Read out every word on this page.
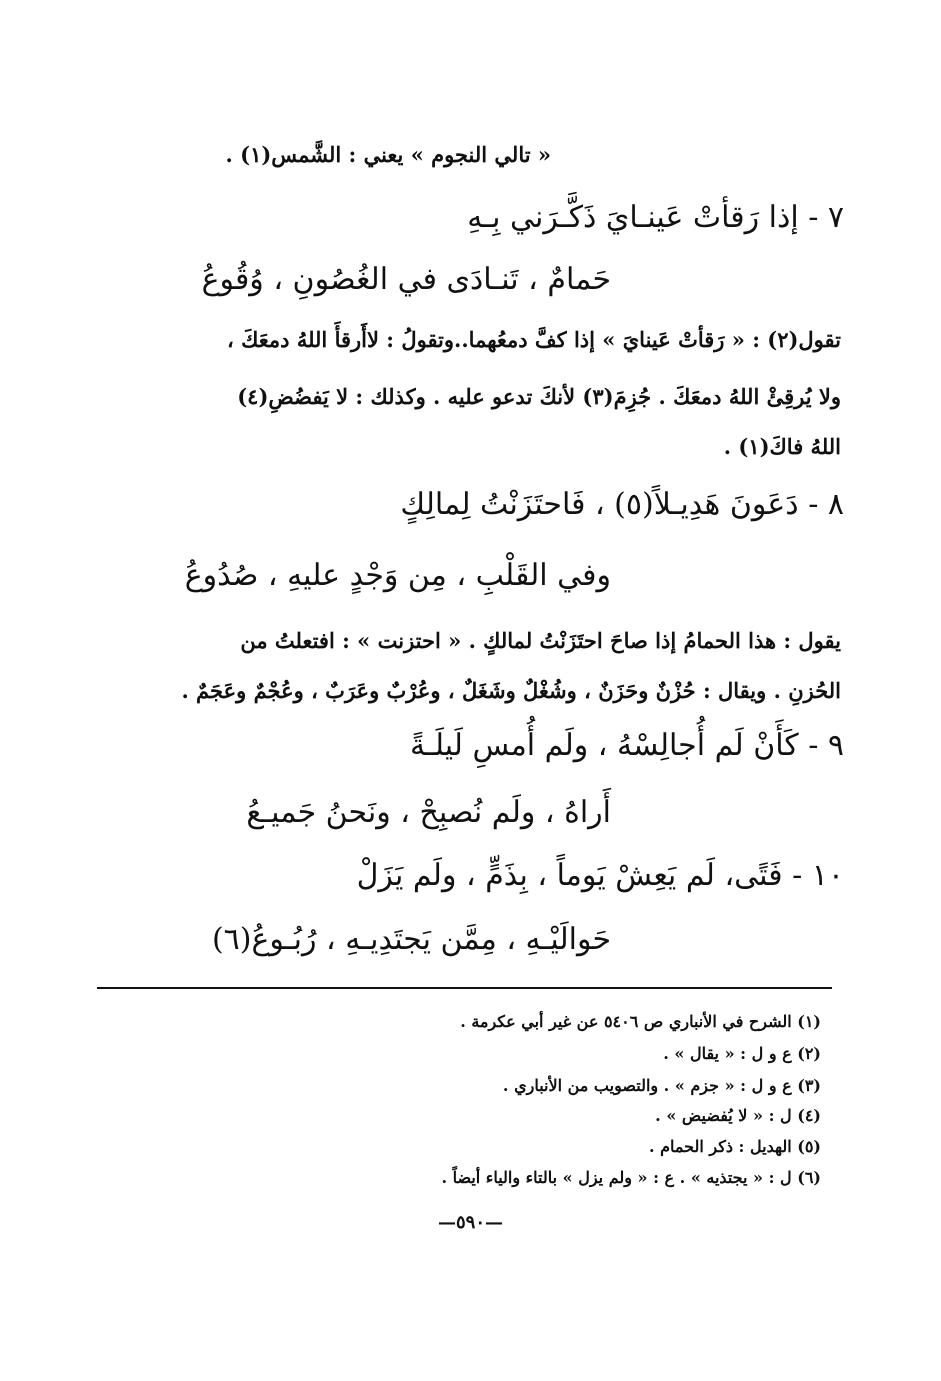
« تالي النجوم » يعني : الشَّمس(١) .
٧ - إذا رَقأتْ عَينـايَ ذَكَّـرَني بِـهِ
حَمامٌ ، تَنـادَى في الغُصُونِ ، وُقُوعُ
تقول(٢) : « رَقأتْ عَينايَ » إذا كفَّ دمعُهما..وتقولُ : لاأَرقأَ اللهُ دمعَكَ ،
ولا يُرقِئْ اللهُ دمعَكَ . جُزِمَ(٣) لأنكَ تدعو عليه . وكذلك : لا يَفضُضِ(٤)
اللهُ فاكَ(١) .
٨ - دَعَونَ هَدِيـلاً(٥) ، فَاحتَزَنْتُ لِمالِكٍ
وفي القَلْبِ ، مِن وَجْدٍ عليهِ ، صُدُوعُ
يقول : هذا الحمامُ إذا صاحَ احتَزَنْتُ لمالكٍ . « احتزنت » : افتعلتُ من
الحُزنِ . ويقال : حُزْنٌ وحَزَنٌ ، وشُغْلٌ وشَغَلٌ ، وعُرْبٌ وعَرَبٌ ، وعُجْمٌ وعَجَمٌ .
٩ - كَأَنْ لَم أُجالِسْهُ ، ولَم أُمسِ لَيلَـةً
أَراهُ ، ولَم نُصبِحْ ، ونَحنُ جَميـعُ
١٠ - فَتًى، لَم يَعِشْ يَوماً ، بِذَمٍّ ، ولَم يَزَلْ
حَوالَيْـهِ ، مِمَّن يَجتَدِيـهِ ، رُبُـوعُ(٦)
(١) الشرح في الأنباري ص ٥٤٠٦ عن غير أبي عكرمة .
(٢) ع و ل : « يقال » .
(٣) ع و ل : « جزم » . والتصويب من الأنباري .
(٤) ل : « لا يُفضيض » .
(٥) الهديل : ذكر الحمام .
(٦) ل : « يجتذيه » . ع : « ولم يزل » بالتاء والياء أيضاً .
—٥٩٠—
